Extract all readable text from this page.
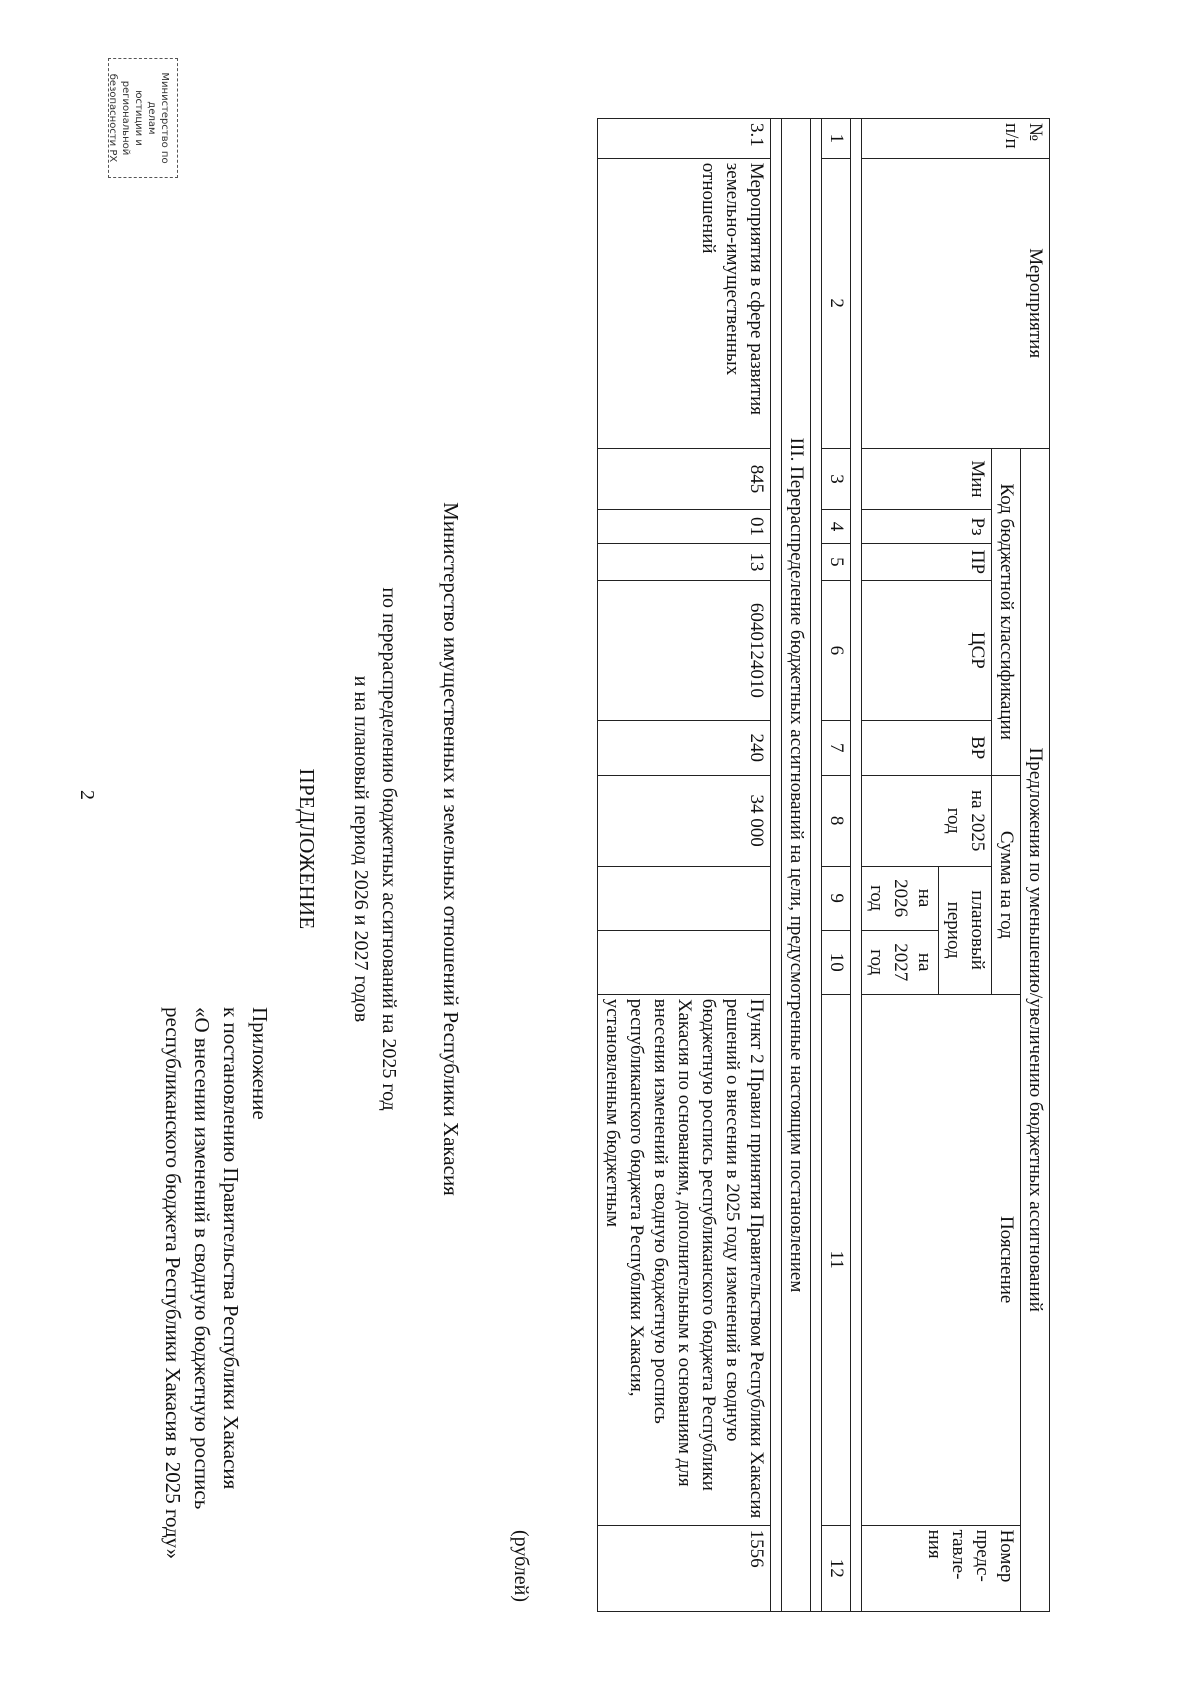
2
Приложение
к постановлению Правительства Республики Хакасия
«О внесении изменений в сводную бюджетную роспись
республиканского бюджета Республики Хакасия в 2025 году»
ПРЕДЛОЖЕНИЕ	по перераспределению бюджетных ассигнований на 2025 год
и на плановый период 2026 и 2027 годов	Министерство имущественных и земельных отношений Республики Хакасия
(рублей)
№ п/п	Мероприятия	Предложения по уменьшению/увеличению бюджетных ассигнований									
		Код бюджетной классификации					Сумма на год			Пояснение	Номер предс-тавле-ния
		Мин	Рз	ПР	ЦСР	ВР	на 2025 год	плановый период			
								на 2026 год	на 2027 год		

1	2	3	4	5	6	7	8	9	10	11	12

III. Перераспределение бюджетных ассигнований на цели, предусмотренные настоящим постановлением											

3.1	Мероприятия в сфере развития земельно-имущественных отношений	845	01	13	6040124010	240	34 000			Пункт 2 Правил принятия Правительством Республики Хакасия решений о внесении в 2025 году изменений в сводную бюджетную роспись республиканского бюджета Республики Хакасия по основаниям, дополнительным к основаниям для внесения изменений в сводную бюджетную роспись республиканского бюджета Республики Хакасия, установленным бюджетным	1556
Министерство по делам
юстиции и региональной
безопасности РХ
